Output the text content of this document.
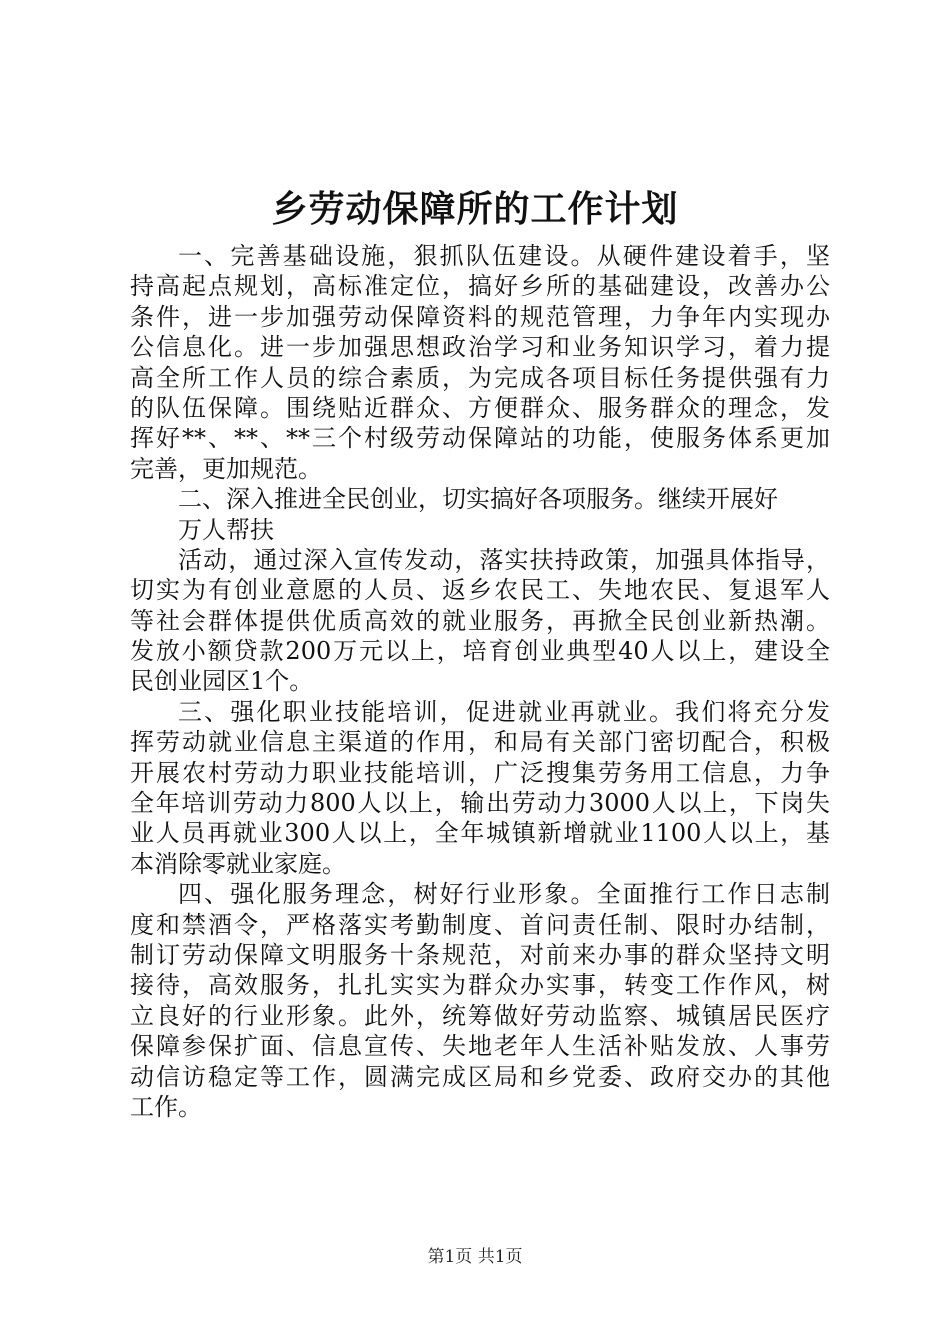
乡劳动保障所的工作计划
一、完善基础设施，狠抓队伍建设。从硬件建设着手，坚
持高起点规划，高标准定位，搞好乡所的基础建设，改善办公
条件，进一步加强劳动保障资料的规范管理，力争年内实现办
公信息化。进一步加强思想政治学习和业务知识学习，着力提
高全所工作人员的综合素质，为完成各项目标任务提供强有力
的队伍保障。围绕贴近群众、方便群众、服务群众的理念，发
挥好**、**、**三个村级劳动保障站的功能，使服务体系更加
完善，更加规范。
二、深入推进全民创业，切实搞好各项服务。继续开展好
万人帮扶
活动，通过深入宣传发动，落实扶持政策，加强具体指导，
切实为有创业意愿的人员、返乡农民工、失地农民、复退军人
等社会群体提供优质高效的就业服务，再掀全民创业新热潮。
发放小额贷款200万元以上，培育创业典型40人以上，建设全
民创业园区1个。
三、强化职业技能培训，促进就业再就业。我们将充分发
挥劳动就业信息主渠道的作用，和局有关部门密切配合，积极
开展农村劳动力职业技能培训，广泛搜集劳务用工信息，力争
全年培训劳动力800人以上，输出劳动力3000人以上，下岗失
业人员再就业300人以上，全年城镇新增就业1100人以上，基
本消除零就业家庭。
四、强化服务理念，树好行业形象。全面推行工作日志制
度和禁酒令，严格落实考勤制度、首问责任制、限时办结制，
制订劳动保障文明服务十条规范，对前来办事的群众坚持文明
接待，高效服务，扎扎实实为群众办实事，转变工作作风，树
立良好的行业形象。此外，统筹做好劳动监察、城镇居民医疗
保障参保扩面、信息宣传、失地老年人生活补贴发放、人事劳
动信访稳定等工作，圆满完成区局和乡党委、政府交办的其他
工作。
第1页 共1页
